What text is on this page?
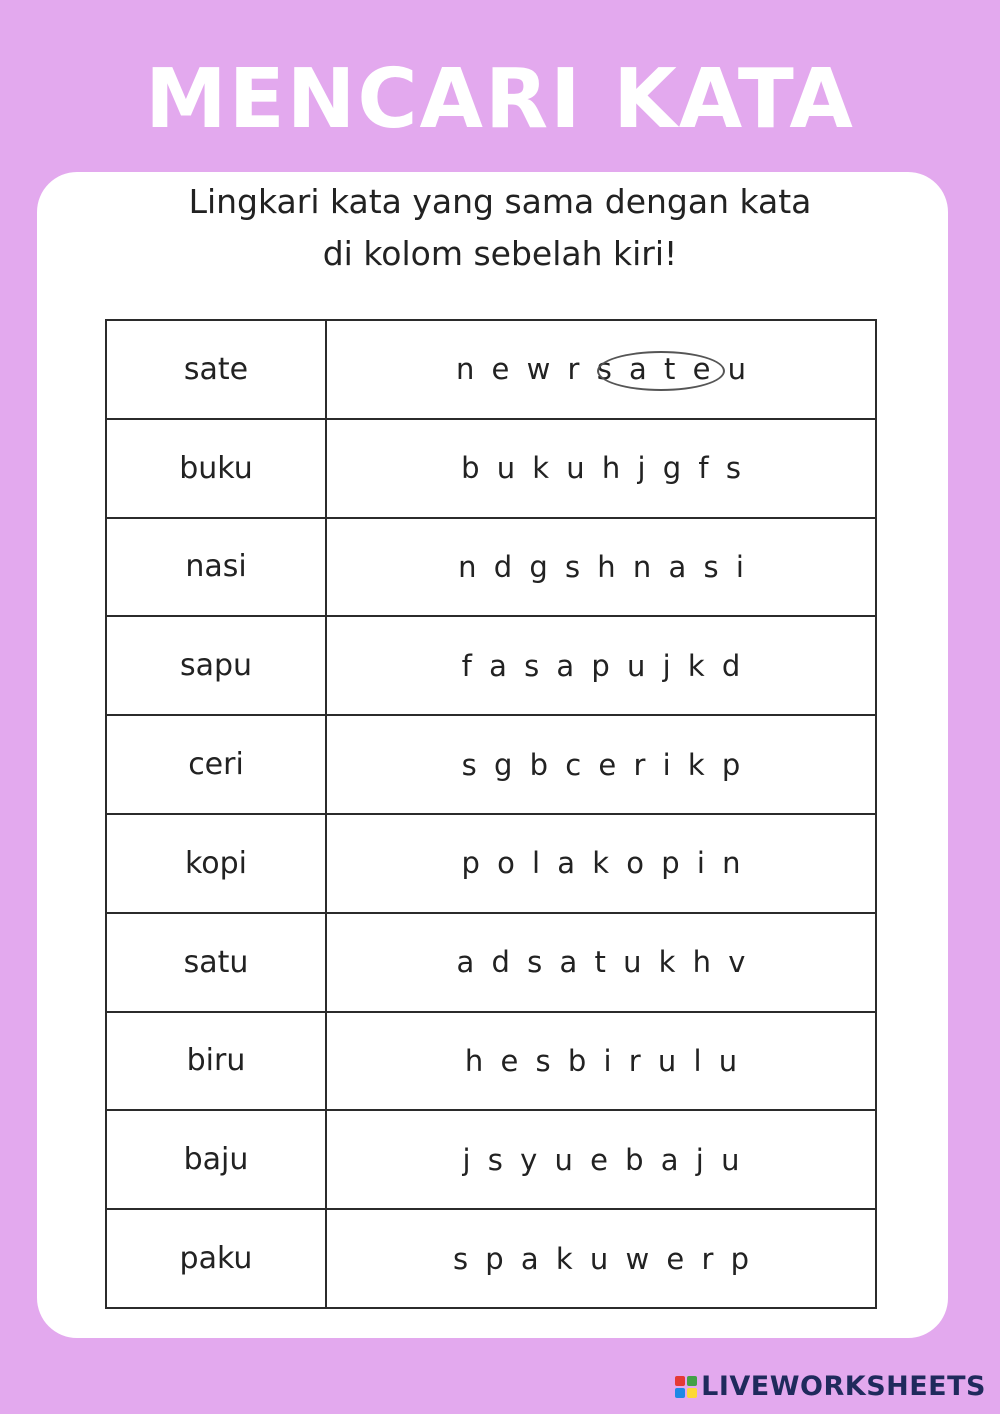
MENCARI KATA
Lingkari kata yang sama dengan kata
di kolom sebelah kiri!
sate	n e w r s a t e u
buku	b u k u h j g f s
nasi	n d g s h n a s i
sapu	f a s a p u j k d
ceri	s g b c e r i k p
kopi	p o l a k o p i n
satu	a d s a t u k h v
biru	h e s b i r u l u
baju	j s y u e b a j u
paku	s p a k u w e r p
LIVEWORKSHEETS
